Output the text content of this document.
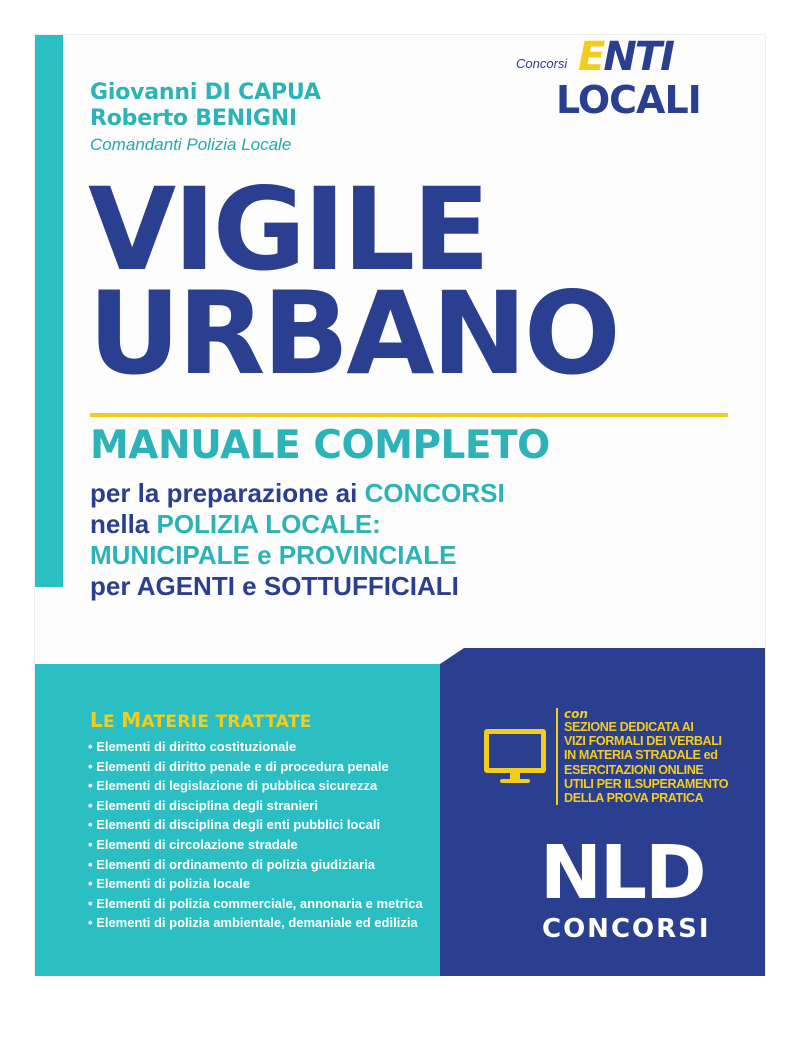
Giovanni DI CAPUA
Roberto BENIGNI
Comandanti Polizia Locale
Concorsi ENTI
LOCALI
VIGILE
URBANO
MANUALE COMPLETO
per la preparazione ai CONCORSI
nella POLIZIA LOCALE:
MUNICIPALE e PROVINCIALE
per AGENTI e SOTTUFFICIALI
LE MATERIE TRATTATE
• Elementi di diritto costituzionale
• Elementi di diritto penale e di procedura penale
• Elementi di legislazione di pubblica sicurezza
• Elementi di disciplina degli stranieri
• Elementi di disciplina degli enti pubblici locali
• Elementi di circolazione stradale
• Elementi di ordinamento di polizia giudiziaria
• Elementi di polizia locale
• Elementi di polizia commerciale, annonaria e metrica
• Elementi di polizia ambientale, demaniale ed edilizia
con
SEZIONE DEDICATA AI
VIZI FORMALI DEI VERBALI
IN MATERIA STRADALE ed
ESERCITAZIONI ONLINE
UTILI PER ILSUPERAMENTO
DELLA PROVA PRATICA
NLD
CONCORSI
